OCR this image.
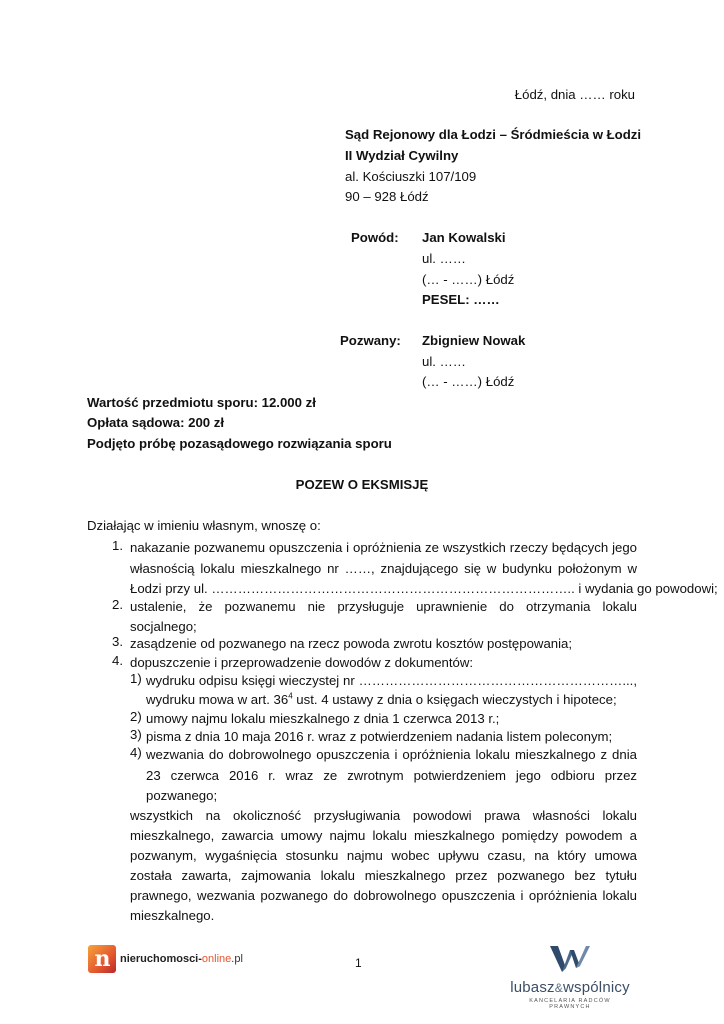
Łódź, dnia …… roku
Sąd Rejonowy dla Łodzi – Śródmieścia w Łodzi
II Wydział Cywilny
al. Kościuszki 107/109
90 – 928 Łódź
Powód: Jan Kowalski
ul. ……
(… - ……) Łódź
PESEL: ……
Pozwany: Zbigniew Nowak
ul. ……
(… - ……) Łódź
Wartość przedmiotu sporu: 12.000 zł
Opłata sądowa: 200 zł
Podjęto próbę pozasądowego rozwiązania sporu
POZEW O EKSMISJĘ
Działając w imieniu własnym, wnoszę o:
1. nakazanie pozwanemu opuszczenia i opróżnienia ze wszystkich rzeczy będących jego
własnością lokalu mieszkalnego nr ……, znajdującego się w budynku położonym w
Łodzi przy ul. ……………………………………………………………………….. i wydania go powodowi;
2. ustalenie, że pozwanemu nie przysługuje uprawnienie do otrzymania lokalu
socjalnego;
3. zasądzenie od pozwanego na rzecz powoda zwrotu kosztów postępowania;
4. dopuszczenie i przeprowadzenie dowodów z dokumentów:
1) wydruku odpisu księgi wieczystej nr ……………………………………………………...,
wydruku mowa w art. $36^4$ ust. 4 ustawy z dnia o księgach wieczystych i hipotece;
2) umowy najmu lokalu mieszkalnego z dnia 1 czerwca 2013 r.;
3) pisma z dnia 10 maja 2016 r. wraz z potwierdzeniem nadania listem poleconym;
4) wezwania do dobrowolnego opuszczenia i opróżnienia lokalu mieszkalnego z dnia
23 czerwca 2016 r. wraz ze zwrotnym potwierdzeniem jego odbioru przez
pozwanego;
wszystkich na okoliczność przysługiwania powodowi prawa własności lokalu
mieszkalnego, zawarcia umowy najmu lokalu mieszkalnego pomiędzy powodem a
pozwanym, wygaśnięcia stosunku najmu wobec upływu czasu, na który umowa
została zawarta, zajmowania lokalu mieszkalnego przez pozwanego bez tytułu
prawnego, wezwania pozwanego do dobrowolnego opuszczenia i opróżnienia lokalu
mieszkalnego.
n nieruchomosci-online.pl	1
lubasz&wspólnicy
KANCELARIA RADCÓW PRAWNYCH
